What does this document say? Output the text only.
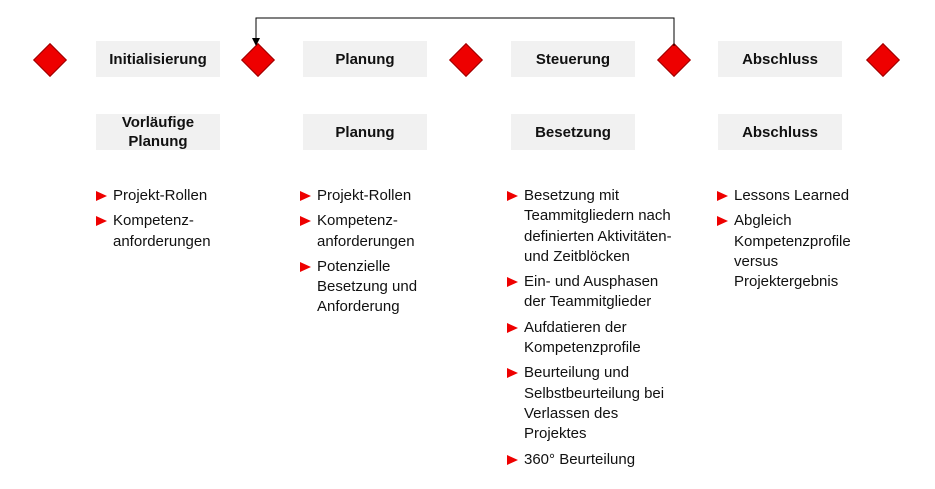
Initialisierung	Planung	Steuerung	Abschluss
Vorläufige Planung
Planung	Besetzung	Abschluss
Projekt-Rollen
Kompetenz-
anforderungen
Projekt-Rollen
Kompetenz-
anforderungen
Potenzielle
Besetzung und
Anforderung
Besetzung mit
Teammitgliedern nach
definierten Aktivitäten-
und Zeitblöcken
Ein- und Ausphasen
der Teammitglieder
Aufdatieren der
Kompetenzprofile
Beurteilung und
Selbstbeurteilung bei
Verlassen des
Projektes
360° Beurteilung
Lessons Learned
Abgleich
Kompetenzprofile
versus
Projektergebnis
